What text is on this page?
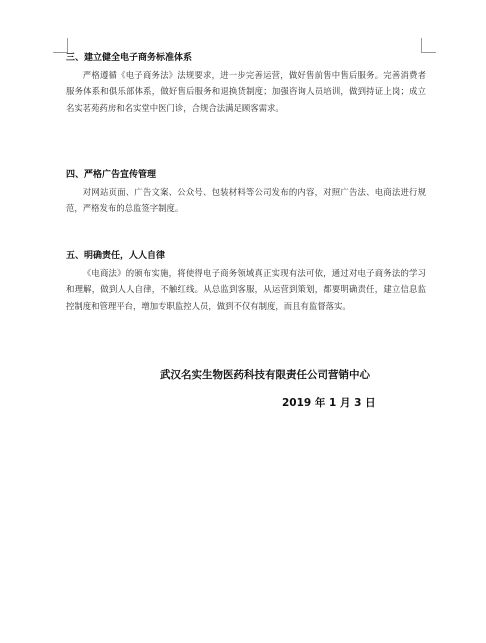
三、建立健全电子商务标准体系
严格遵循《电子商务法》法规要求，进一步完善运营，做好售前售中售后服务。完善消费者服务体系和俱乐部体系，做好售后服务和退换货制度；加强咨询人员培训，做到持证上岗；成立名实茗苑药房和名实堂中医门诊，合规合法满足顾客需求。
四、严格广告宣传管理
对网站页面、广告文案、公众号、包装材料等公司发布的内容，对照广告法、电商法进行规范，严格发布的总监签字制度。
五、明确责任，人人自律
《电商法》的颁布实施，将使得电子商务领域真正实现有法可依，通过对电子商务法的学习和理解，做到人人自律，不触红线。从总监到客服，从运营到策划，都要明确责任，建立信息监控制度和管理平台，增加专职监控人员，做到不仅有制度，而且有监督落实。
武汉名实生物医药科技有限责任公司营销中心
2019 年 1 月 3 日
